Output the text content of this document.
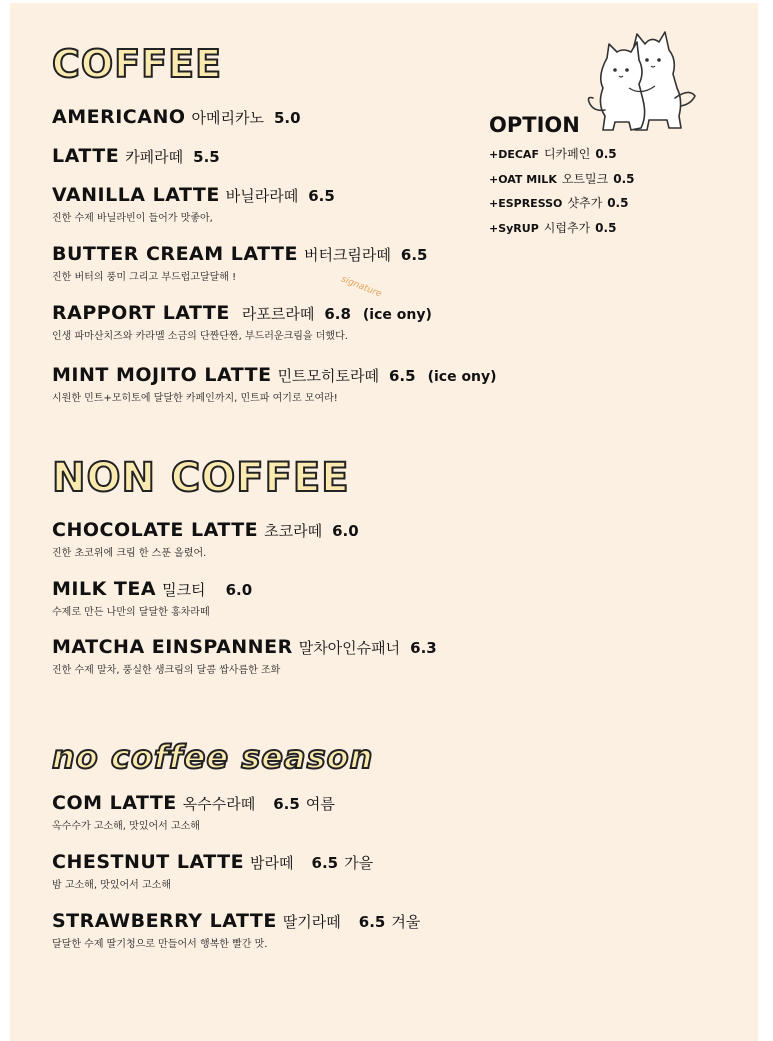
COFFEE
AMERICANO 아메리카노 5.0
LATTE 카페라떼 5.5
VANILLA LATTE 바닐라라떼 6.5
진한 수제 바닐라빈이 들어가 맛좋아,
BUTTER CREAM LATTE 버터크림라떼 6.5
진한 버터의 풍미 그리고 부드럽고달달해 !	signature
RAPPORT LATTE 라포르라떼 6.8 (ice ony)
인생 파마산치즈와 카라멜 소금의 단짠단짠, 부드러운크림을 더했다.
MINT MOJITO LATTE 민트모히토라떼 6.5 (ice ony)
시원한 민트+모히토에 달달한 카페인까지, 민트파 여기로 모여라!
OPTION
+DECAF 디카페인 0.5
+OAT MILK 오트밀크 0.5
+ESPRESSO 샷추가 0.5
+SyRUP 시럽추가 0.5
NON COFFEE
CHOCOLATE LATTE 초코라떼 6.0
진한 초코위에 크림 한 스푼 올렸어.
MILK TEA 밀크티 6.0
수제로 만든 나만의 달달한 홍차라떼
MATCHA EINSPANNER 말차아인슈패너 6.3
진한 수제 말차, 풍실한 생크림의 달콤 쌉사름한 조화
no coffee season
COM LATTE 옥수수라떼 6.5 여름
옥수수가 고소해, 맛있어서 고소해
CHESTNUT LATTE 밤라떼 6.5 가을
밤 고소해, 맛있어서 고소해
STRAWBERRY LATTE 딸기라떼 6.5 겨울
달달한 수제 딸기청으로 만들어서 행복한 빨간 맛.
